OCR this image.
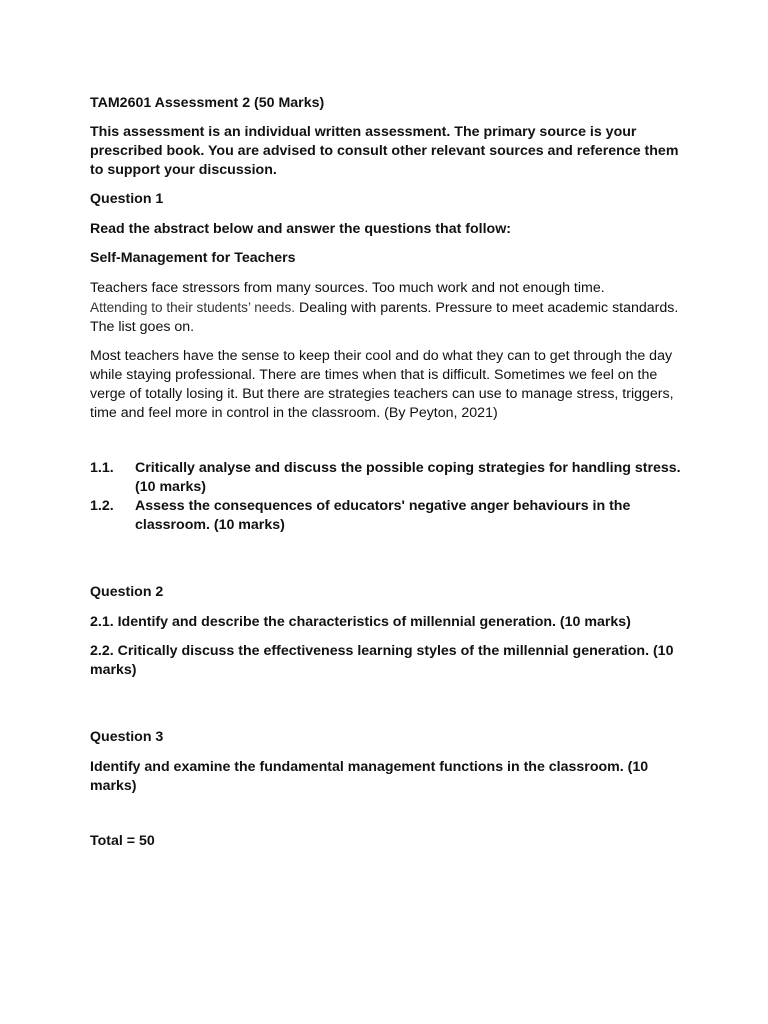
TAM2601 Assessment 2 (50 Marks)

This assessment is an individual written assessment. The primary source is your prescribed book. You are advised to consult other relevant sources and reference them to support your discussion.

Question 1

Read the abstract below and answer the questions that follow:

Self-Management for Teachers

Teachers face stressors from many sources. Too much work and not enough time.
Attending to their students’ needs. Dealing with parents. Pressure to meet academic standards. The list goes on.

Most teachers have the sense to keep their cool and do what they can to get through the day while staying professional. There are times when that is difficult. Sometimes we feel on the verge of totally losing it. But there are strategies teachers can use to manage stress, triggers, time and feel more in control in the classroom. (By Peyton, 2021)

1.1.	Critically analyse and discuss the possible coping strategies for handling stress. (10 marks)
1.2.	Assess the consequences of educators' negative anger behaviours in the classroom. (10 marks)

Question 2

2.1. Identify and describe the characteristics of millennial generation. (10 marks)

2.2. Critically discuss the effectiveness learning styles of the millennial generation. (10 marks)

Question 3

Identify and examine the fundamental management functions in the classroom. (10 marks)

Total = 50
